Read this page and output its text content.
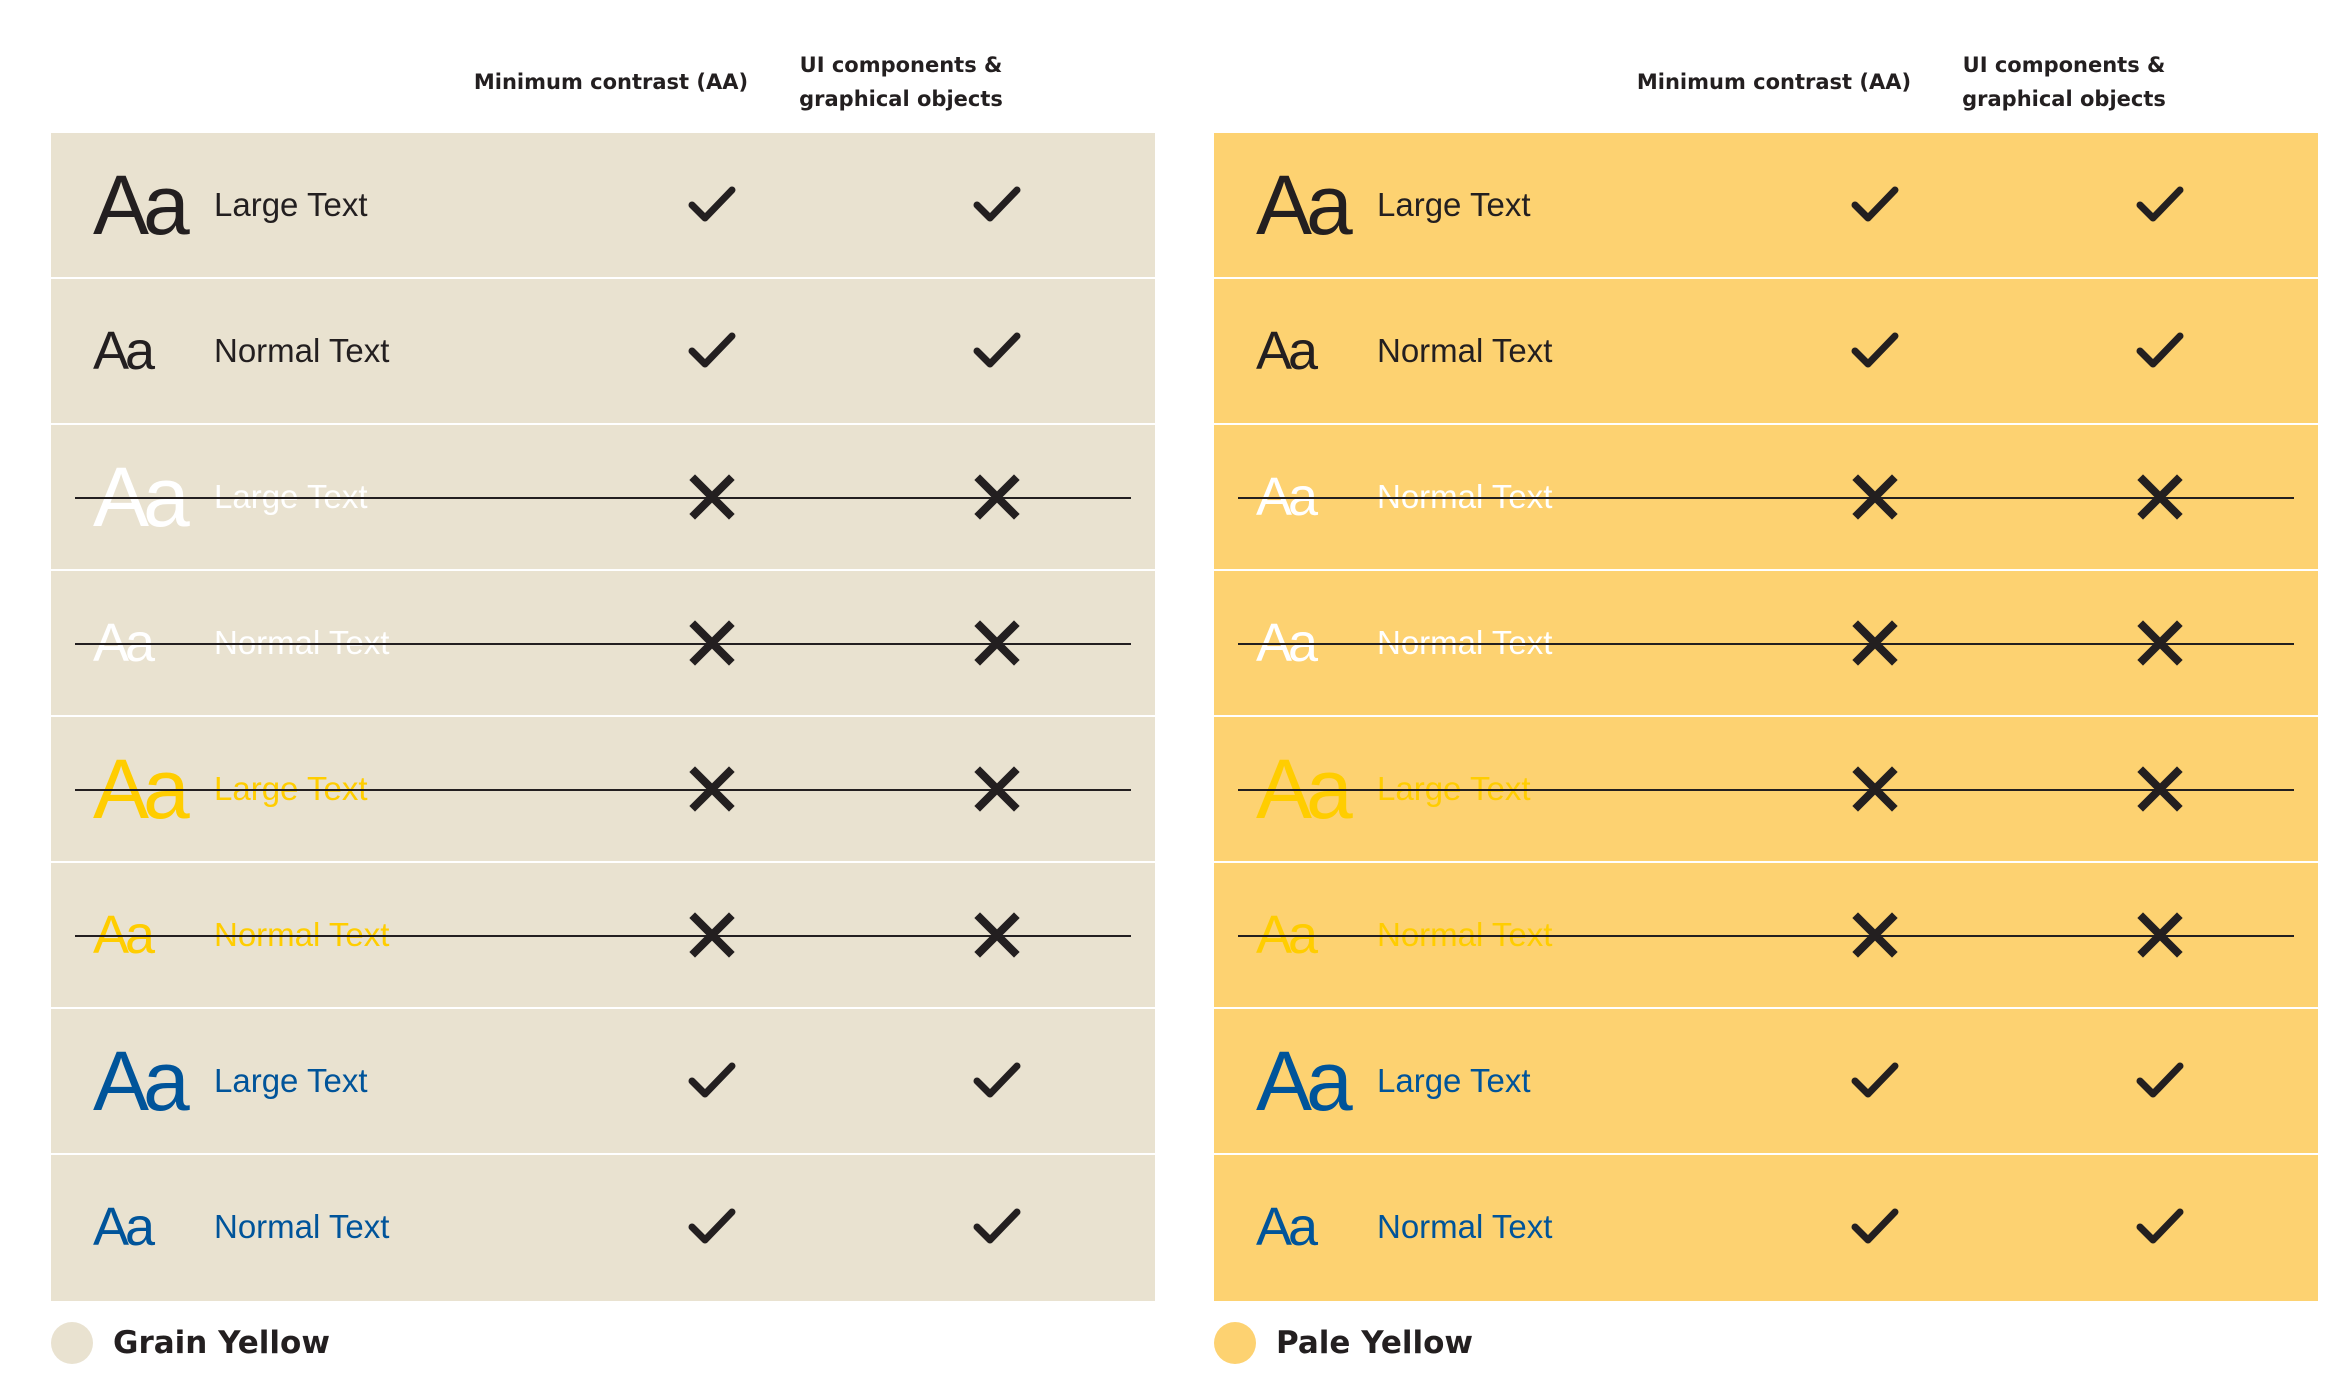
Minimum contrast (AA)
UI components &
graphical objects
Aa Large Text
Aa Normal Text
Aa Large Text
Aa Normal Text
Aa Large Text
Aa Normal Text
Aa Large Text
Aa Normal Text
Grain Yellow
Minimum contrast (AA)
UI components &
graphical objects
Aa Large Text
Aa Normal Text
Aa Normal Text
Aa Normal Text
Aa Large Text
Aa Normal Text
Aa Large Text
Aa Normal Text
Pale Yellow
